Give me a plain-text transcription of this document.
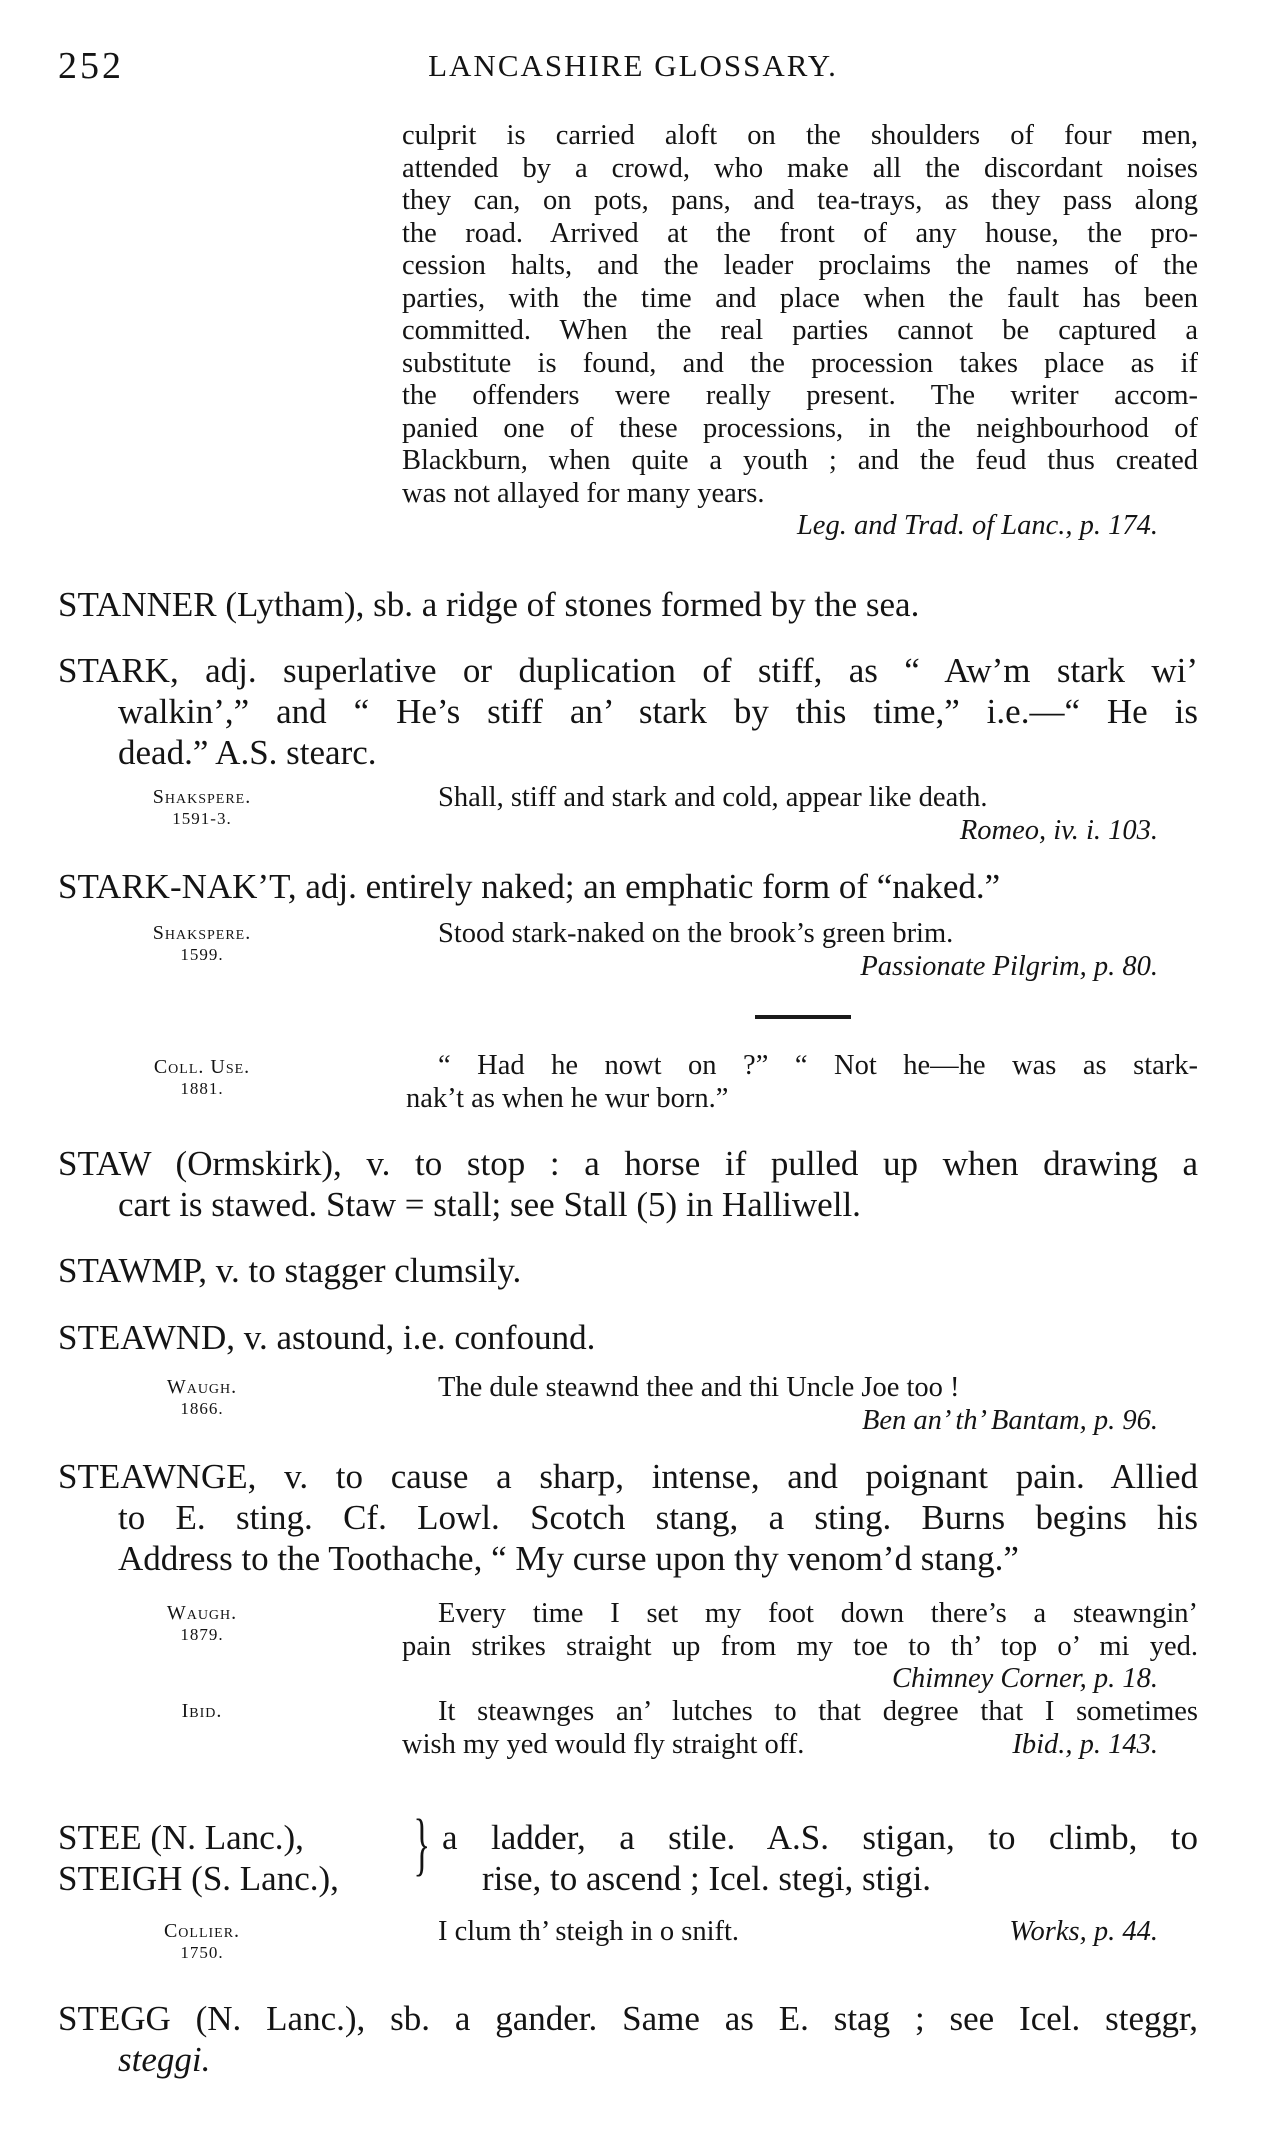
252	LANCASHIRE GLOSSARY.
culprit is carried aloft on the shoulders of four men,
attended by a crowd, who make all the discordant noises
they can, on pots, pans, and tea-trays, as they pass along
the road. Arrived at the front of any house, the pro-
cession halts, and the leader proclaims the names of the
parties, with the time and place when the fault has been
committed. When the real parties cannot be captured a
substitute is found, and the procession takes place as if
the offenders were really present. The writer accom-
panied one of these processions, in the neighbourhood of
Blackburn, when quite a youth ; and the feud thus created
was not allayed for many years.
Leg. and Trad. of Lanc., p. 174.
STANNER (Lytham), sb. a ridge of stones formed by the sea.
STARK, adj. superlative or duplication of stiff, as “ Aw’m stark wi’
walkin’,” and “ He’s stiff an’ stark by this time,” i.e.—“ He is
dead.” A.S. stearc.
Shakspere.
1591-3.
Shall, stiff and stark and cold, appear like death.
Romeo, iv. i. 103.
STARK-NAK’T, adj. entirely naked; an emphatic form of “naked.”
Shakspere.
1599.
Stood stark-naked on the brook’s green brim.
Passionate Pilgrim, p. 80.
Coll. Use.
1881.
“ Had he nowt on ?” “ Not he—he was as stark-
nak’t as when he wur born.”
STAW (Ormskirk), v. to stop : a horse if pulled up when drawing a
cart is stawed. Staw = stall; see Stall (5) in Halliwell.
STAWMP, v. to stagger clumsily.
STEAWND, v. astound, i.e. confound.
Waugh.
1866.
The dule steawnd thee and thi Uncle Joe too !
Ben an’ th’ Bantam, p. 96.
STEAWNGE, v. to cause a sharp, intense, and poignant pain. Allied
to E. sting. Cf. Lowl. Scotch stang, a sting. Burns begins his
Address to the Toothache, “ My curse upon thy venom’d stang.”
Waugh.
1879.
Every time I set my foot down there’s a steawngin’
pain strikes straight up from my toe to th’ top o’ mi yed.
Chimney Corner, p. 18.
Ibid.	It steawnges an’ lutches to that degree that I sometimes
wish my yed would fly straight off.	Ibid., p. 143.
STEE (N. Lanc.),
STEIGH (S. Lanc.), } a ladder, a stile. A.S. stigan, to climb, to
rise, to ascend ; Icel. stegi, stigi.
Collier.
1750.
I clum th’ steigh in o snift.	Works, p. 44.
STEGG (N. Lanc.), sb. a gander. Same as E. stag ; see Icel. steggr,
steggi.
